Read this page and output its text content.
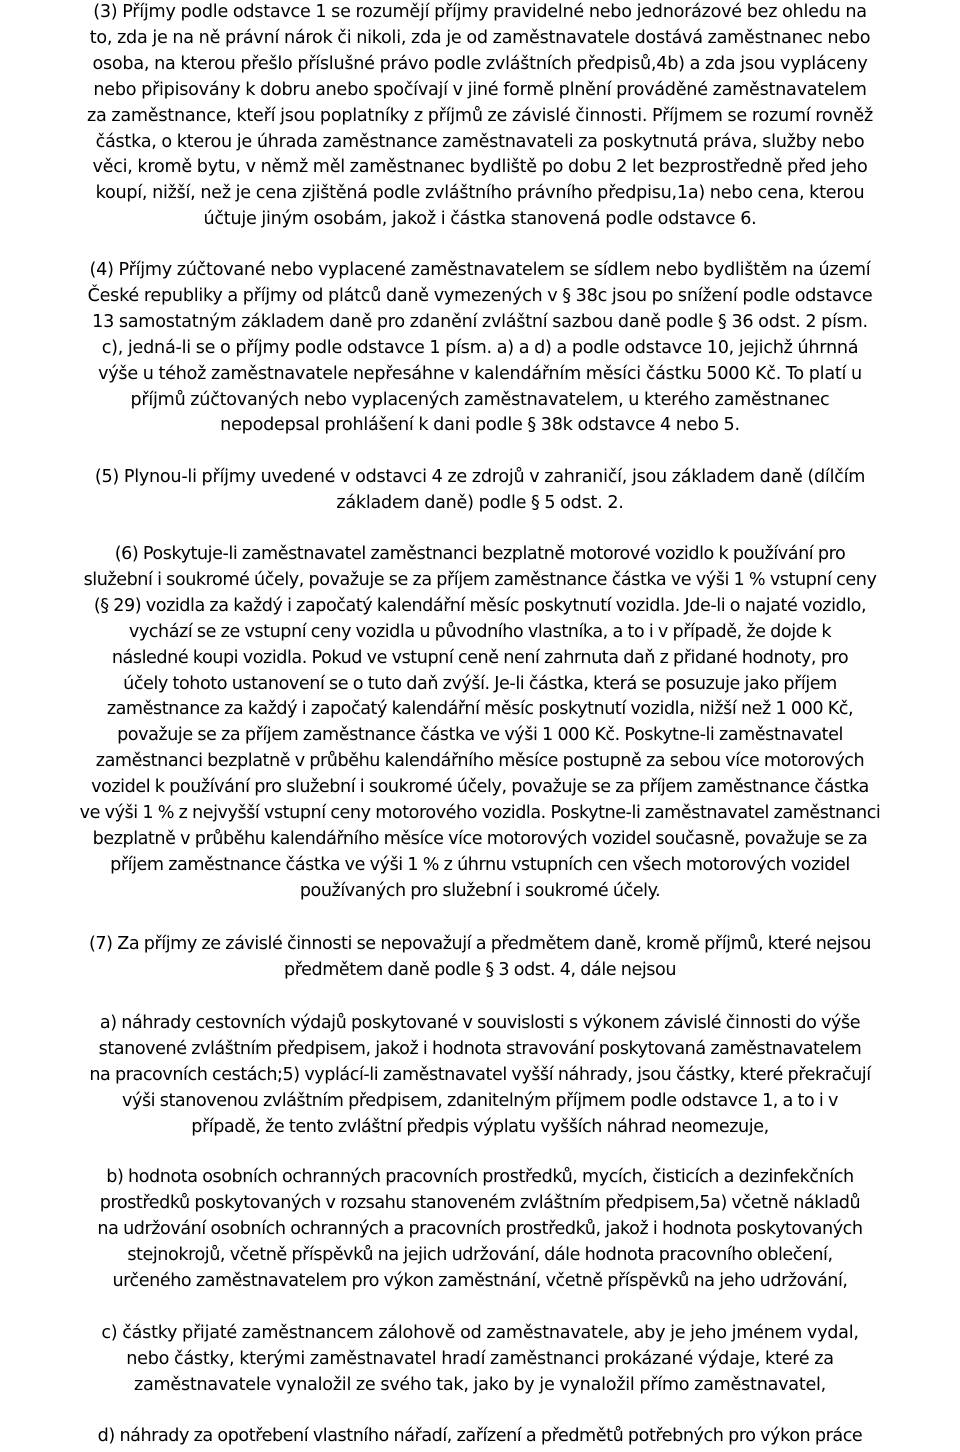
(3) Příjmy podle odstavce 1 se rozumějí příjmy pravidelné nebo jednorázové bez ohledu na
to, zda je na ně právní nárok či nikoli, zda je od zaměstnavatele dostává zaměstnanec nebo
osoba, na kterou přešlo příslušné právo podle zvláštních předpisů,4b) a zda jsou vypláceny
nebo připisovány k dobru anebo spočívají v jiné formě plnění prováděné zaměstnavatelem
za zaměstnance, kteří jsou poplatníky z příjmů ze závislé činnosti. Příjmem se rozumí rovněž
částka, o kterou je úhrada zaměstnance zaměstnavateli za poskytnutá práva, služby nebo
věci, kromě bytu, v němž měl zaměstnanec bydliště po dobu 2 let bezprostředně před jeho
koupí, nižší, než je cena zjištěná podle zvláštního právního předpisu,1a) nebo cena, kterou
účtuje jiným osobám, jakož i částka stanovená podle odstavce 6.
(4) Příjmy zúčtované nebo vyplacené zaměstnavatelem se sídlem nebo bydlištěm na území
České republiky a příjmy od plátců daně vymezených v § 38c jsou po snížení podle odstavce
13 samostatným základem daně pro zdanění zvláštní sazbou daně podle § 36 odst. 2 písm.
c), jedná-li se o příjmy podle odstavce 1 písm. a) a d) a podle odstavce 10, jejichž úhrnná
výše u téhož zaměstnavatele nepřesáhne v kalendářním měsíci částku 5000 Kč. To platí u
příjmů zúčtovaných nebo vyplacených zaměstnavatelem, u kterého zaměstnanec
nepodepsal prohlášení k dani podle § 38k odstavce 4 nebo 5.
(5) Plynou-li příjmy uvedené v odstavci 4 ze zdrojů v zahraničí, jsou základem daně (dílčím
základem daně) podle § 5 odst. 2.
(6) Poskytuje-li zaměstnavatel zaměstnanci bezplatně motorové vozidlo k používání pro
služební i soukromé účely, považuje se za příjem zaměstnance částka ve výši 1 % vstupní ceny
(§ 29) vozidla za každý i započatý kalendářní měsíc poskytnutí vozidla. Jde-li o najaté vozidlo,
vychází se ze vstupní ceny vozidla u původního vlastníka, a to i v případě, že dojde k
následné koupi vozidla. Pokud ve vstupní ceně není zahrnuta daň z přidané hodnoty, pro
účely tohoto ustanovení se o tuto daň zvýší. Je-li částka, která se posuzuje jako příjem
zaměstnance za každý i započatý kalendářní měsíc poskytnutí vozidla, nižší než 1 000 Kč,
považuje se za příjem zaměstnance částka ve výši 1 000 Kč. Poskytne-li zaměstnavatel
zaměstnanci bezplatně v průběhu kalendářního měsíce postupně za sebou více motorových
vozidel k používání pro služební i soukromé účely, považuje se za příjem zaměstnance částka
ve výši 1 % z nejvyšší vstupní ceny motorového vozidla. Poskytne-li zaměstnavatel zaměstnanci
bezplatně v průběhu kalendářního měsíce více motorových vozidel současně, považuje se za
příjem zaměstnance částka ve výši 1 % z úhrnu vstupních cen všech motorových vozidel
používaných pro služební i soukromé účely.
(7) Za příjmy ze závislé činnosti se nepovažují a předmětem daně, kromě příjmů, které nejsou
předmětem daně podle § 3 odst. 4, dále nejsou
a) náhrady cestovních výdajů poskytované v souvislosti s výkonem závislé činnosti do výše
stanovené zvláštním předpisem, jakož i hodnota stravování poskytovaná zaměstnavatelem
na pracovních cestách;5) vyplácí-li zaměstnavatel vyšší náhrady, jsou částky, které překračují
výši stanovenou zvláštním předpisem, zdanitelným příjmem podle odstavce 1, a to i v
případě, že tento zvláštní předpis výplatu vyšších náhrad neomezuje,
b) hodnota osobních ochranných pracovních prostředků, mycích, čisticích a dezinfekčních
prostředků poskytovaných v rozsahu stanoveném zvláštním předpisem,5a) včetně nákladů
na udržování osobních ochranných a pracovních prostředků, jakož i hodnota poskytovaných
stejnokrojů, včetně příspěvků na jejich udržování, dále hodnota pracovního oblečení,
určeného zaměstnavatelem pro výkon zaměstnání, včetně příspěvků na jeho udržování,
c) částky přijaté zaměstnancem zálohově od zaměstnavatele, aby je jeho jménem vydal,
nebo částky, kterými zaměstnavatel hradí zaměstnanci prokázané výdaje, které za
zaměstnavatele vynaložil ze svého tak, jako by je vynaložil přímo zaměstnavatel,
d) náhrady za opotřebení vlastního nářadí, zařízení a předmětů potřebných pro výkon práce
